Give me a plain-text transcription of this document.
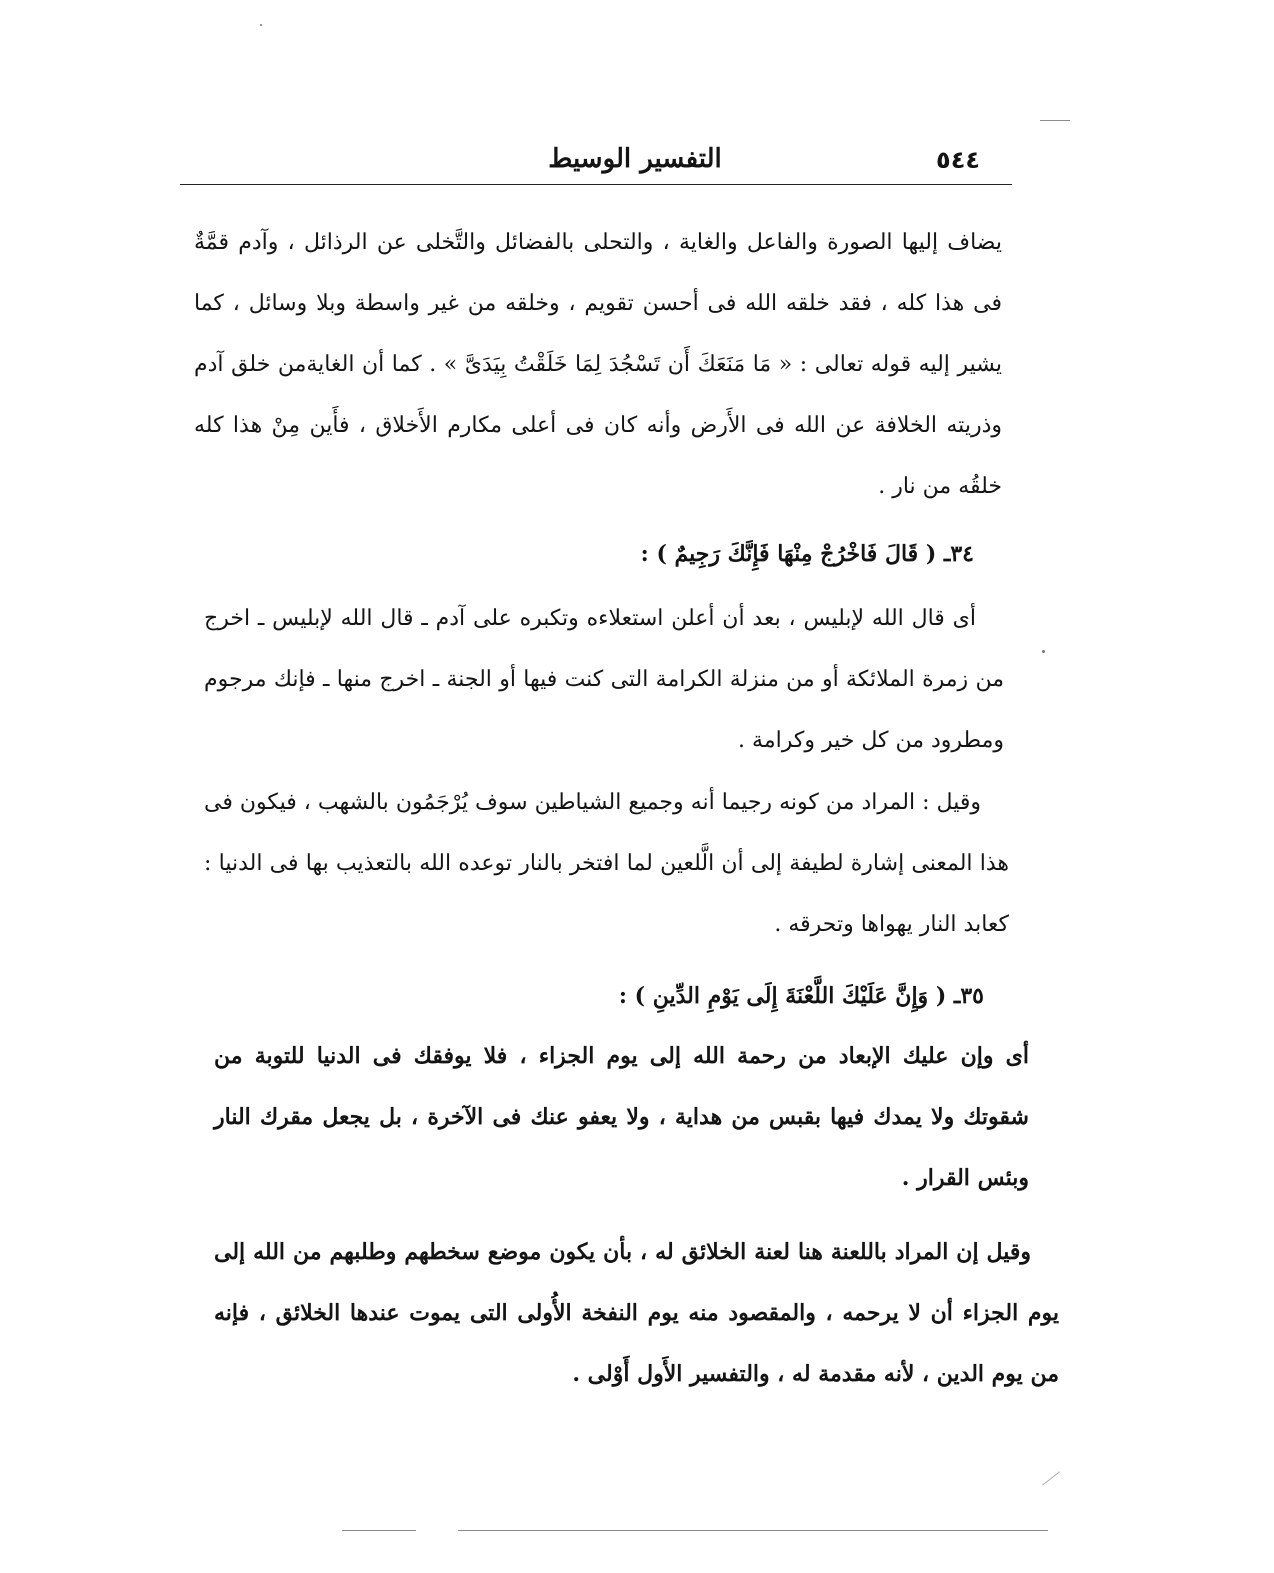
٥٤٤
التفسير الوسيط

يضاف إليها الصورة والفاعل والغاية ، والتحلى بالفضائل والتَّخلى عن الرذائل ، وآدم قمَّةٌ فى هذا كله ، فقد خلقه الله فى أحسن تقويم ، وخلقه من غير واسطة وبلا وسائل ، كما يشير إليه قوله تعالى : « مَا مَنَعَكَ أَن تَسْجُدَ لِمَا خَلَقْتُ بِيَدَىَّ » . كما أن الغايةمن خلق آدم وذريته الخلافة عن الله فى الأَرض وأنه كان فى أعلى مكارم الأَخلاق ، فأَين مِنْ هذا كله خلقُه من نار .

٣٤ـ ( قَالَ فَاخْرُجْ مِنْهَا فَإِنَّكَ رَجِيمٌ ) :

أى قال الله لإبليس ، بعد أن أعلن استعلاءه وتكبره على آدم ـ قال الله لإبليس ـ اخرج من زمرة الملائكة أو من منزلة الكرامة التى كنت فيها أو الجنة ـ اخرج منها ـ فإنك مرجوم ومطرود من كل خير وكرامة .

وقيل : المراد من كونه رجيما أنه وجميع الشياطين سوف يُرْجَمُون بالشهب ، فيكون فى هذا المعنى إشارة لطيفة إلى أن الَّلعين لما افتخر بالنار توعده الله بالتعذيب بها فى الدنيا : كعابد النار يهواها وتحرقه .

٣٥ـ ( وَإِنَّ عَلَيْكَ اللَّعْنَةَ إِلَى يَوْمِ الدِّينِ ) :

أى وإن عليك الإبعاد من رحمة الله إلى يوم الجزاء ، فلا يوفقك فى الدنيا للتوبة من شقوتك ولا يمدك فيها بقبس من هداية ، ولا يعفو عنك فى الآخرة ، بل يجعل مقرك النار وبئس القرار .

وقيل إن المراد باللعنة هنا لعنة الخلائق له ، بأن يكون موضع سخطهم وطلبهم من الله إلى يوم الجزاء أن لا يرحمه ، والمقصود منه يوم النفخة الأُولى التى يموت عندها الخلائق ، فإنه من يوم الدين ، لأنه مقدمة له ، والتفسير الأَول أَوْلى .
